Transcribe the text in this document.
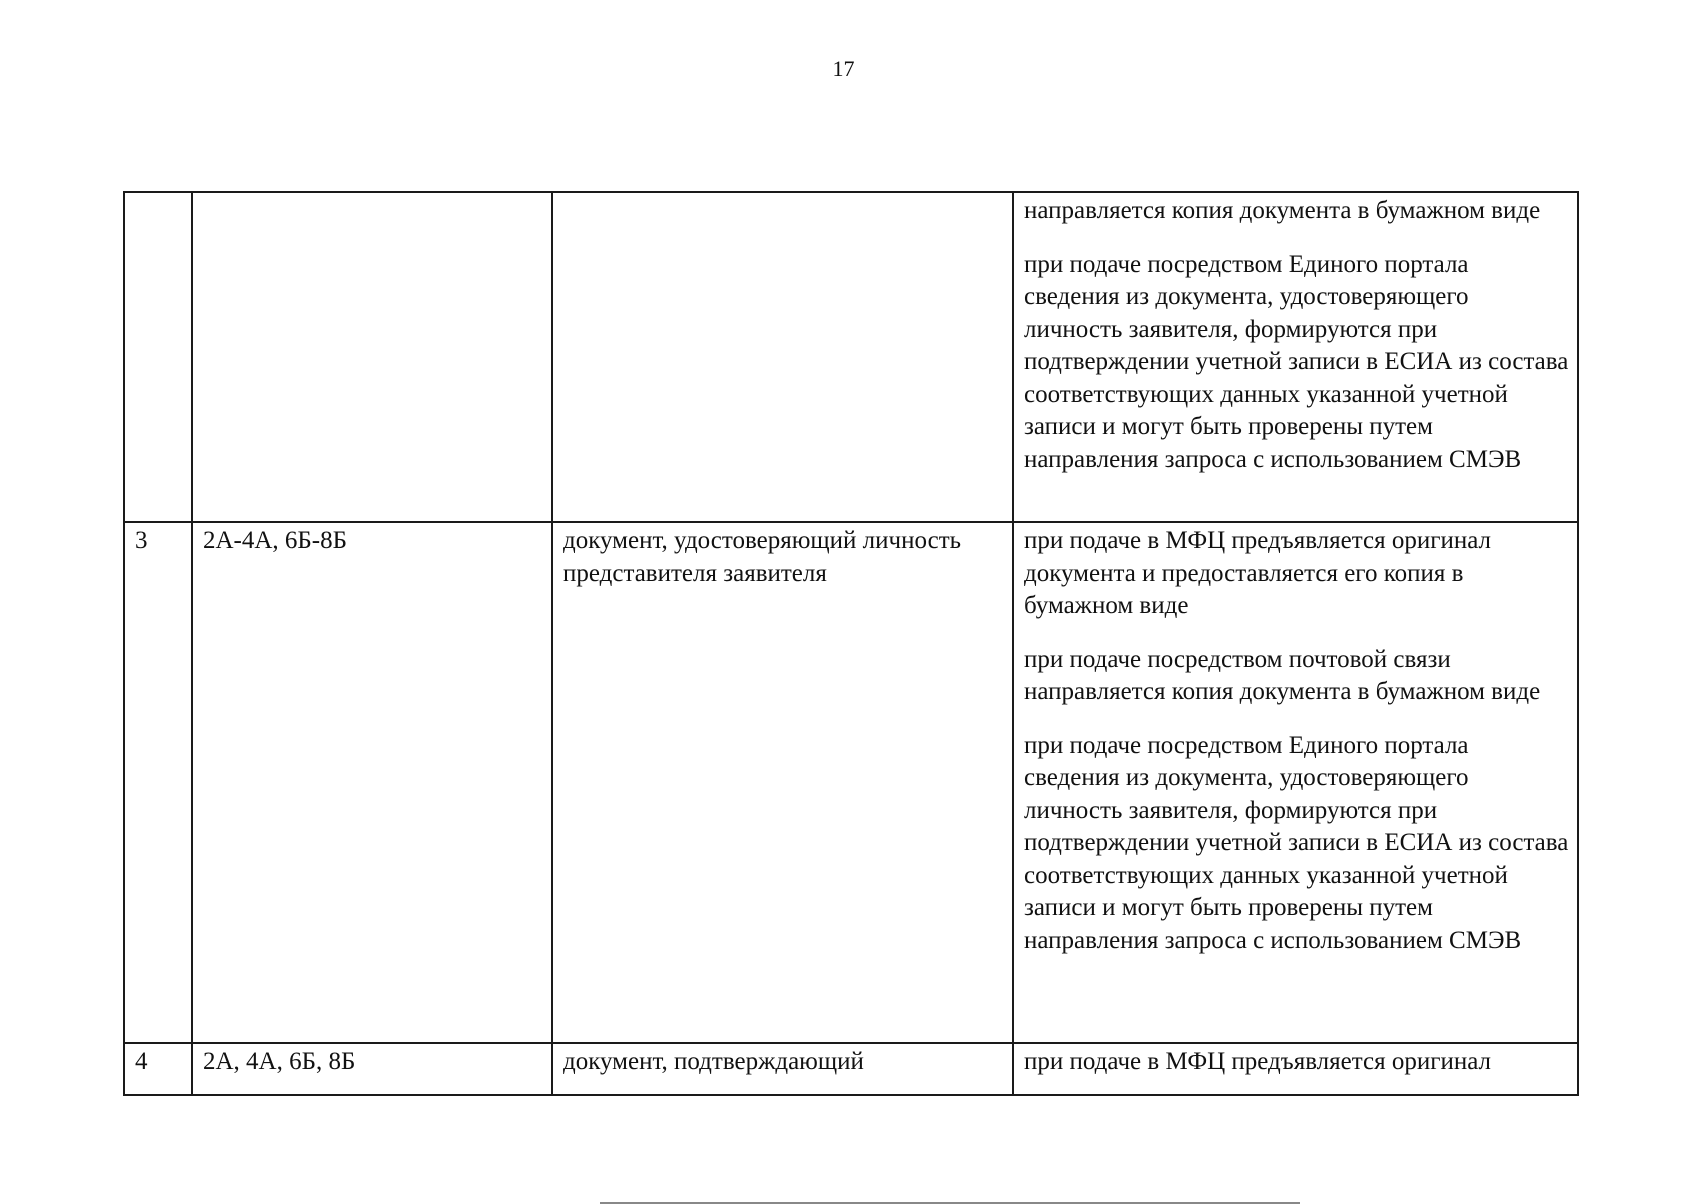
17

			направляется копия документа в бумажном виде

при подаче посредством Единого портала сведения из документа, удостоверяющего личность заявителя, формируются при подтверждении учетной записи в ЕСИА из состава соответствующих данных указанной учетной записи и могут быть проверены путем направления запроса с использованием СМЭВ

3	2А-4А, 6Б-8Б	документ, удостоверяющий личность представителя заявителя	при подаче в МФЦ предъявляется оригинал документа и предоставляется его копия в бумажном виде

при подаче посредством почтовой связи направляется копия документа в бумажном виде

при подаче посредством Единого портала сведения из документа, удостоверяющего личность заявителя, формируются при подтверждении учетной записи в ЕСИА из состава соответствующих данных указанной учетной записи и могут быть проверены путем направления запроса с использованием СМЭВ

4	2А, 4А, 6Б, 8Б	документ, подтверждающий	при подаче в МФЦ предъявляется оригинал
